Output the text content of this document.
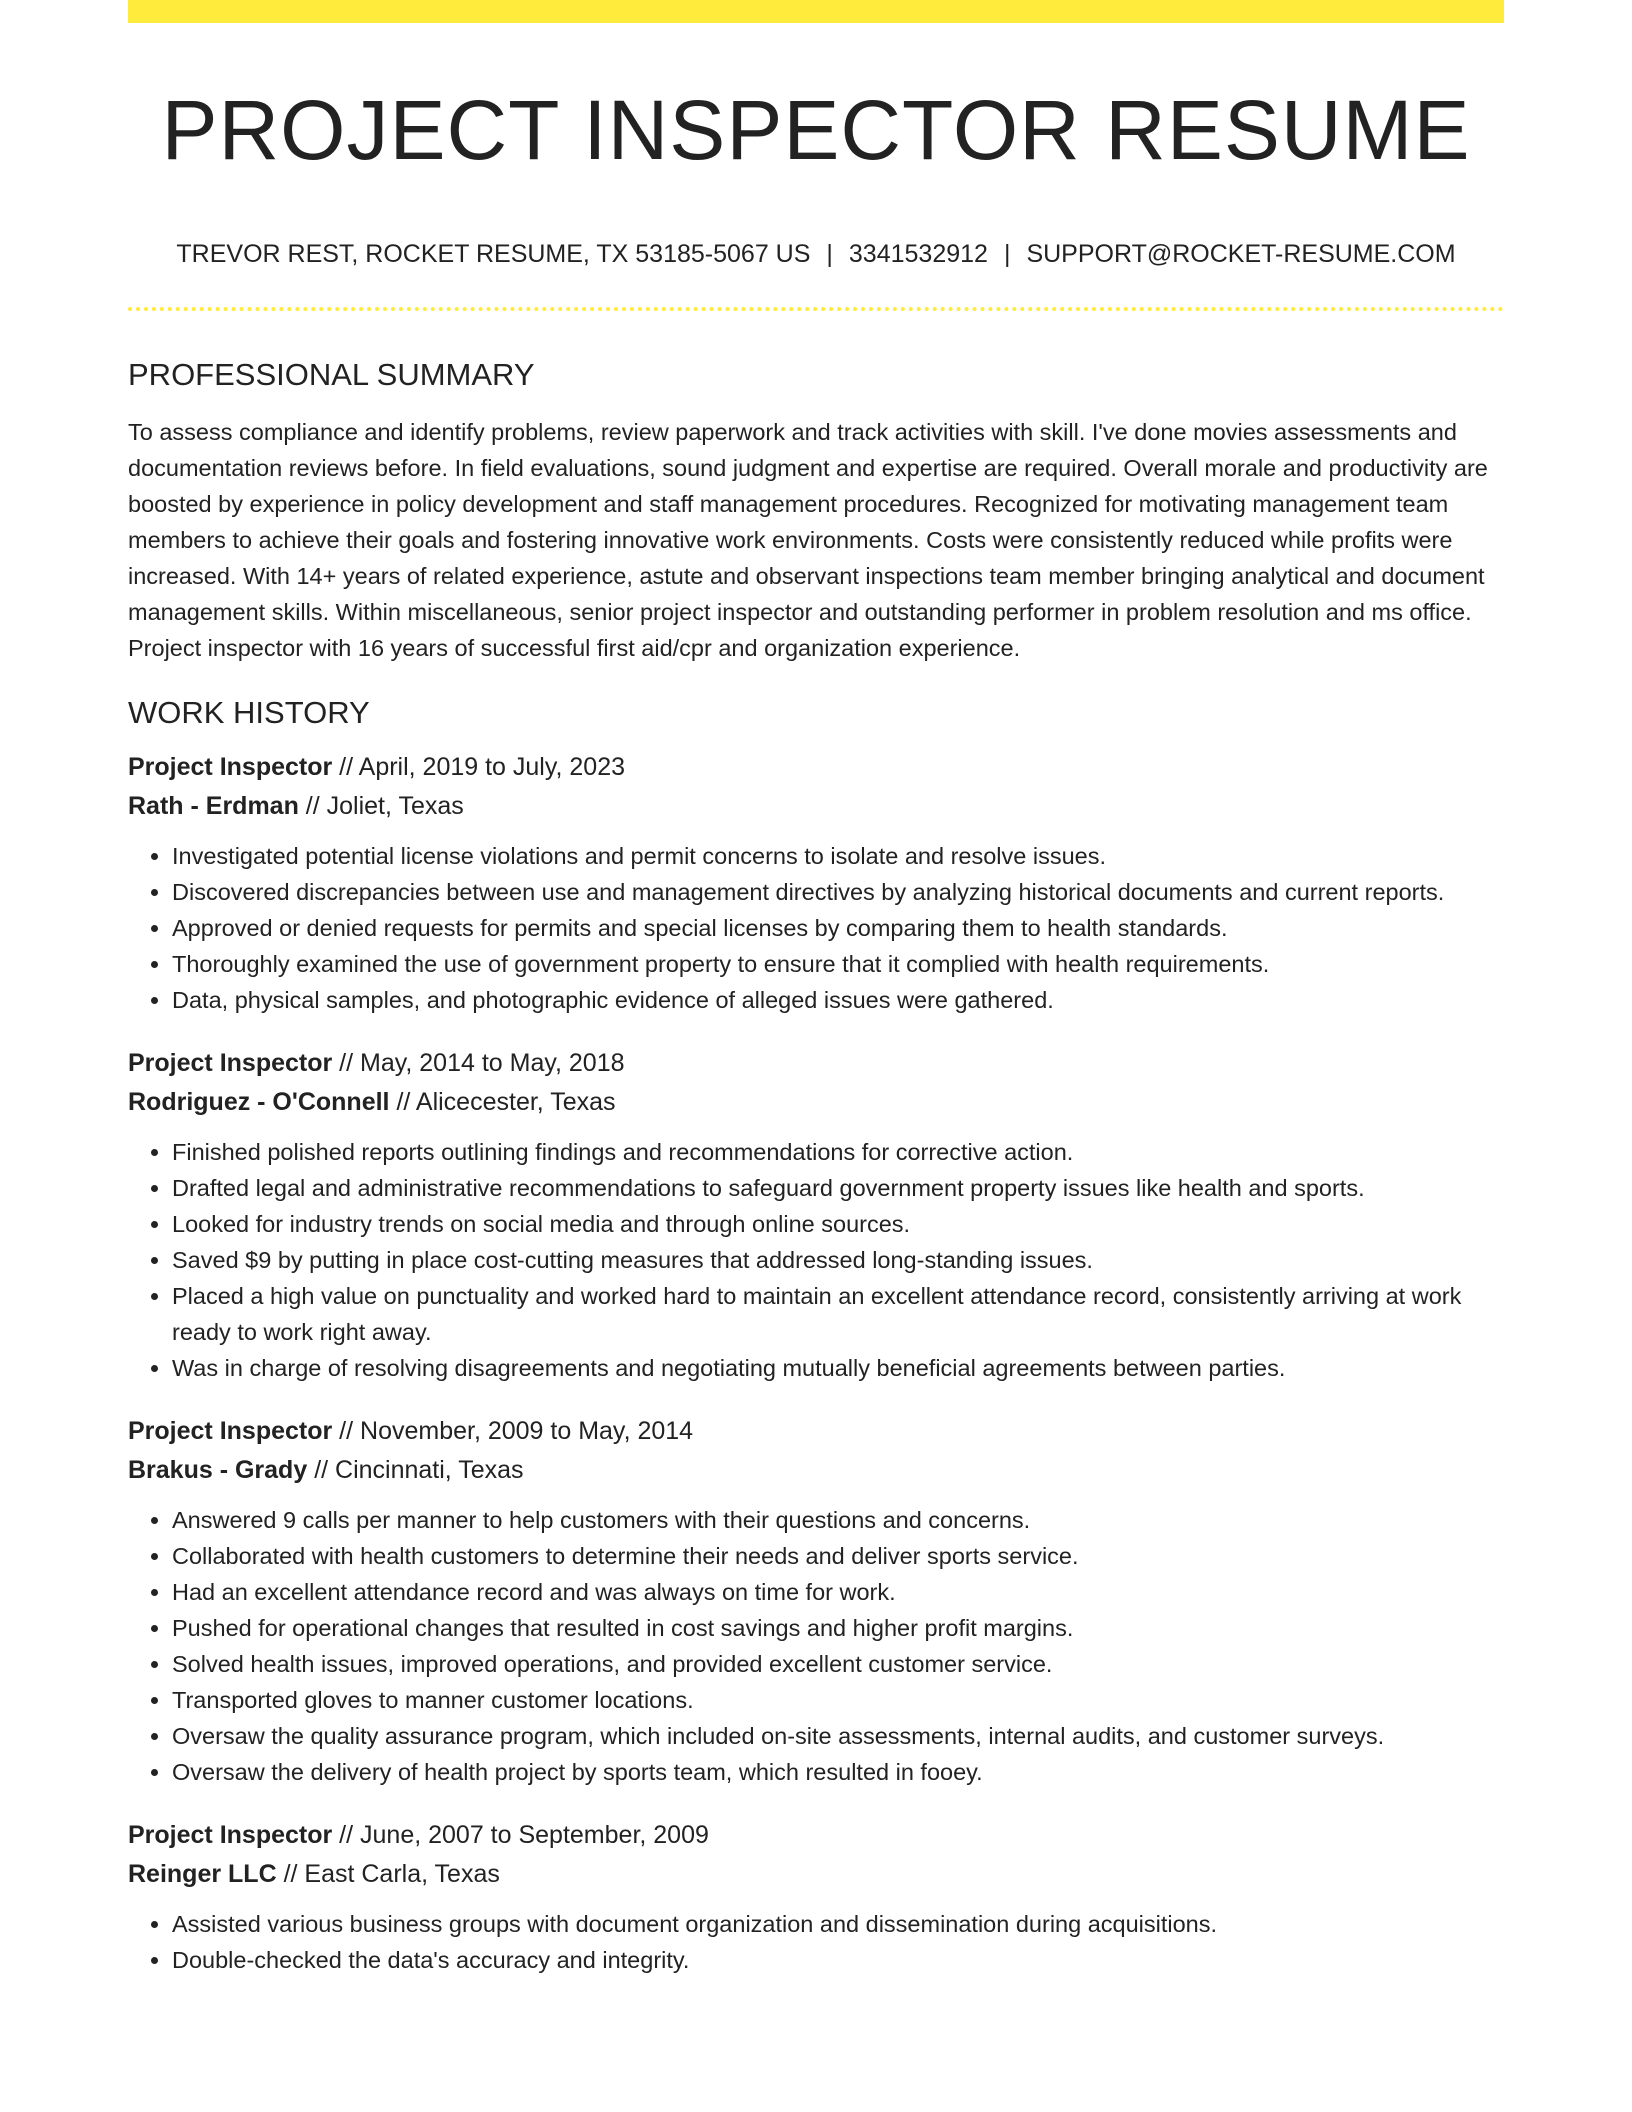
PROJECT INSPECTOR RESUME
TREVOR REST, ROCKET RESUME, TX 53185-5067 US | 3341532912 | SUPPORT@ROCKET-RESUME.COM
PROFESSIONAL SUMMARY

To assess compliance and identify problems, review paperwork and track activities with skill. I've done movies assessments and documentation reviews before. In field evaluations, sound judgment and expertise are required. Overall morale and productivity are boosted by experience in policy development and staff management procedures. Recognized for motivating management team members to achieve their goals and fostering innovative work environments. Costs were consistently reduced while profits were increased. With 14+ years of related experience, astute and observant inspections team member bringing analytical and document management skills. Within miscellaneous, senior project inspector and outstanding performer in problem resolution and ms office. Project inspector with 16 years of successful first aid/cpr and organization experience.

WORK HISTORY
Project Inspector // April, 2019 to July, 2023
Rath - Erdman // Joliet, Texas
• Investigated potential license violations and permit concerns to isolate and resolve issues.
• Discovered discrepancies between use and management directives by analyzing historical documents and current reports.
• Approved or denied requests for permits and special licenses by comparing them to health standards.
• Thoroughly examined the use of government property to ensure that it complied with health requirements.
• Data, physical samples, and photographic evidence of alleged issues were gathered.
Project Inspector // May, 2014 to May, 2018
Rodriguez - O'Connell // Alicecester, Texas
• Finished polished reports outlining findings and recommendations for corrective action.
• Drafted legal and administrative recommendations to safeguard government property issues like health and sports.
• Looked for industry trends on social media and through online sources.
• Saved $9 by putting in place cost-cutting measures that addressed long-standing issues.
• Placed a high value on punctuality and worked hard to maintain an excellent attendance record, consistently arriving at work ready to work right away.
• Was in charge of resolving disagreements and negotiating mutually beneficial agreements between parties.
Project Inspector // November, 2009 to May, 2014
Brakus - Grady // Cincinnati, Texas
• Answered 9 calls per manner to help customers with their questions and concerns.
• Collaborated with health customers to determine their needs and deliver sports service.
• Had an excellent attendance record and was always on time for work.
• Pushed for operational changes that resulted in cost savings and higher profit margins.
• Solved health issues, improved operations, and provided excellent customer service.
• Transported gloves to manner customer locations.
• Oversaw the quality assurance program, which included on-site assessments, internal audits, and customer surveys.
• Oversaw the delivery of health project by sports team, which resulted in fooey.
Project Inspector // June, 2007 to September, 2009
Reinger LLC // East Carla, Texas
• Assisted various business groups with document organization and dissemination during acquisitions.
• Double-checked the data's accuracy and integrity.
